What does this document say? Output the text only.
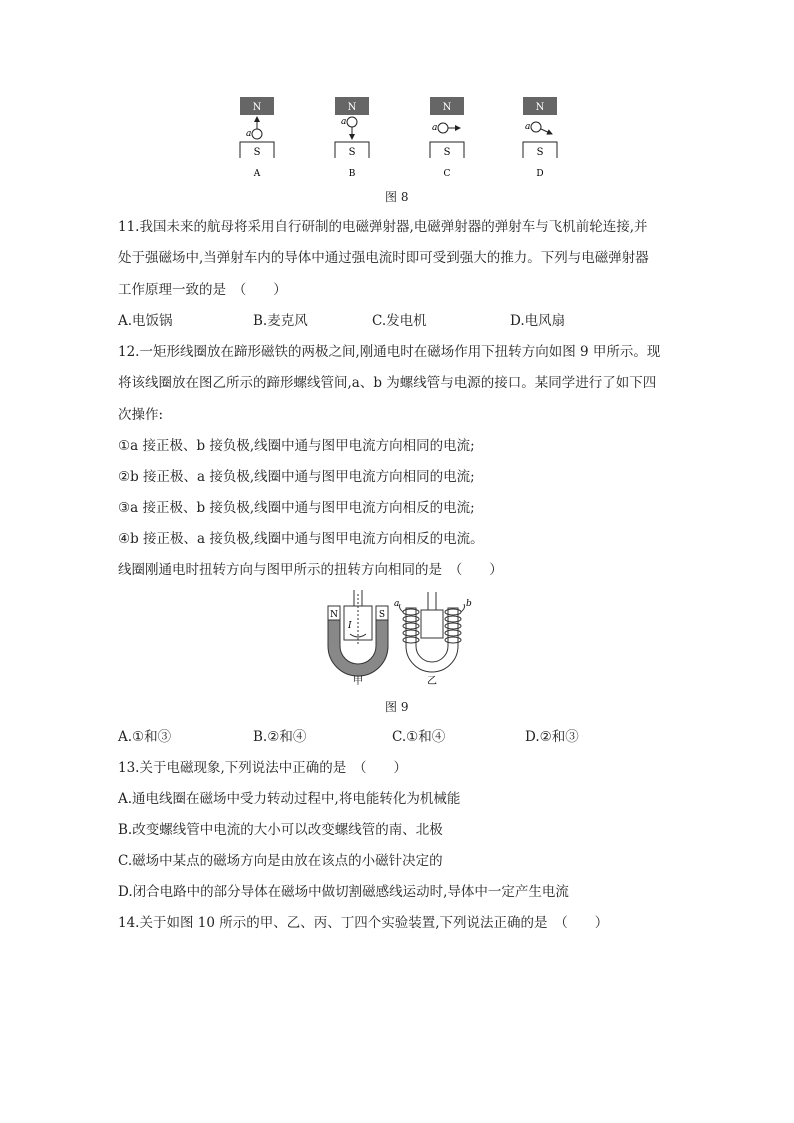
N
a
S
A
N
a
S
B
N
a
S
C
N
a
S
D
图 8
11.我国未来的航母将采用自行研制的电磁弹射器,电磁弹射器的弹射车与飞机前轮连接,并
处于强磁场中,当弹射车内的导体中通过强电流时即可受到强大的推力。下列与电磁弹射器
工作原理一致的是　（　　）
A.电饭锅	B.麦克风	C.发电机	D.电风扇
12.一矩形线圈放在蹄形磁铁的两极之间,刚通电时在磁场作用下扭转方向如图 9 甲所示。现
将该线圈放在图乙所示的蹄形螺线管间,a、b 为螺线管与电源的接口。某同学进行了如下四
次操作:
①a 接正极、b 接负极,线圈中通与图甲电流方向相同的电流;
②b 接正极、a 接负极,线圈中通与图甲电流方向相同的电流;
③a 接正极、b 接负极,线圈中通与图甲电流方向相反的电流;
④b 接正极、a 接负极,线圈中通与图甲电流方向相反的电流。
线圈刚通电时扭转方向与图甲所示的扭转方向相同的是　（　　）
N	S
I
甲
a	b
乙
图 9
A.①和③	B.②和④	C.①和④	D.②和③
13.关于电磁现象,下列说法中正确的是　（　　）
A.通电线圈在磁场中受力转动过程中,将电能转化为机械能
B.改变螺线管中电流的大小可以改变螺线管的南、北极
C.磁场中某点的磁场方向是由放在该点的小磁针决定的
D.闭合电路中的部分导体在磁场中做切割磁感线运动时,导体中一定产生电流
14.关于如图 10 所示的甲、乙、丙、丁四个实验装置,下列说法正确的是　（　　）
